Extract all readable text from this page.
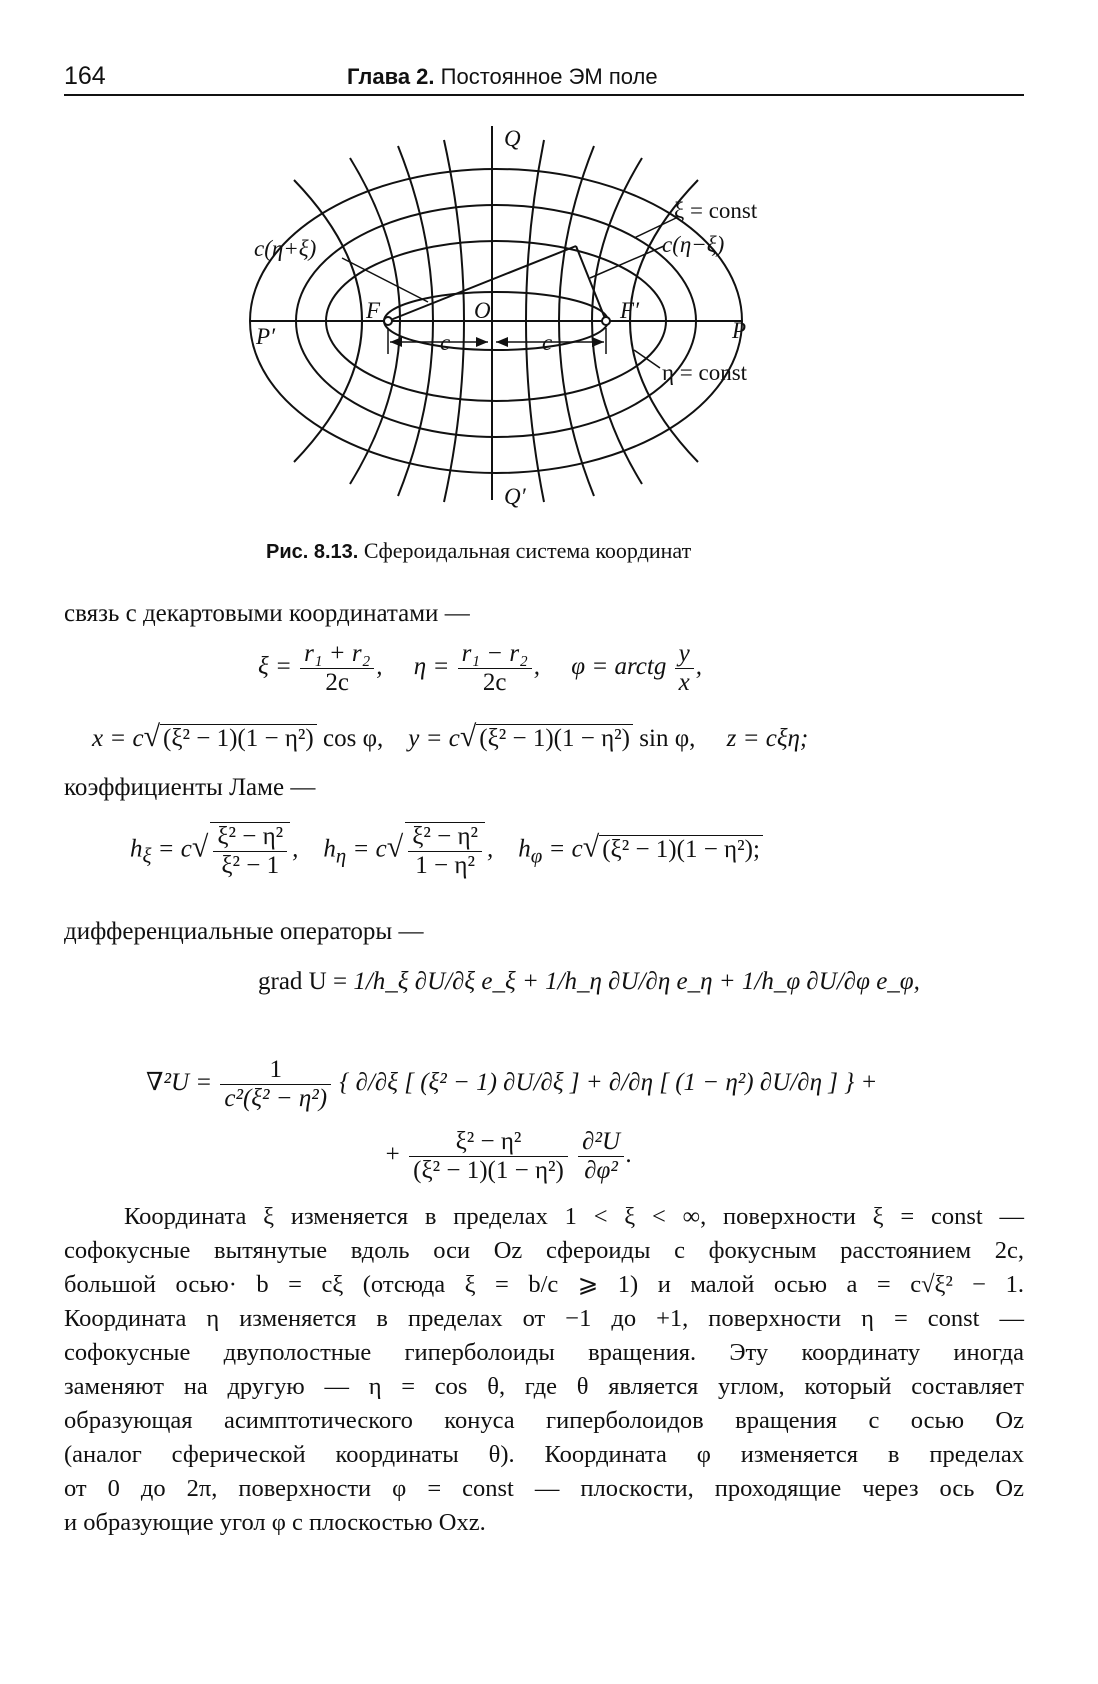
164	Глава 2. Постоянное ЭМ поле
Q
Q′
P
P′
F	F′
O
c	c
ξ = const
η = const
c(η+ξ)	c(η−ξ)
Рис. 8.13. Сфероидальная система координат
связь с декартовыми координатами —
$\xi = \frac{\text{r₁ + r₂}}{2c}$ ,     $\eta = \frac{\text{r₁ − r₂}}{2c}$ ,     φ = arctg $\frac{y}{x}$ ,
x = c√ (ξ² − 1)(1 − η²) cos φ, y = c√ (ξ² − 1)(1 − η²) sin φ, z = cξη;
коэффициенты Ламе —
$h_\xi = c√ \frac{\text{ξ² − η²}}{\text{ξ² − 1}}$ ,    $h_\eta = c√ \frac{\text{ξ² − η²}}{\text{1 − η²}}$ ,    $h_\varphi = c√$ (ξ² − 1)(1 − η²);
дифференциальные операторы —
grad U = 1/h_ξ ∂U/∂ξ e_ξ + 1/h_η ∂U/∂η e_η + 1/h_φ ∂U/∂φ e_φ,
$\nabla^2U = \frac{1}{\text{c²(ξ² − η²)}}$ { ∂/∂ξ [ (ξ² − 1) ∂U/∂ξ ] + ∂/∂η [ (1 − η²) ∂U/∂η ] } +
+ $\frac{\text{ξ² − η²}}{\text{(ξ² − 1)(1 − η²)}}$
$\frac{\text{∂²U}}{\text{∂φ²}}$ .
Координата ξ изменяется в пределах 1 < ξ < ∞, поверхности ξ = const —
софокусные вытянутые вдоль оси Oz сфероиды с фокусным расстоянием 2c,
большой осью· b = cξ (отсюда ξ = b/c ⩾ 1) и малой осью a = c√ξ² − 1.
Координата η изменяется в пределах от −1 до +1, поверхности η = const —
софокусные двуполостные гиперболоиды вращения. Эту координату иногда
заменяют на другую — η = cos θ, где θ является углом, который составляет
образующая асимптотического конуса гиперболоидов вращения с осью Oz
(аналог сферической координаты θ). Координата φ изменяется в пределах
от 0 до 2π, поверхности φ = const — плоскости, проходящие через ось Oz
и образующие угол φ с плоскостью Oxz.
